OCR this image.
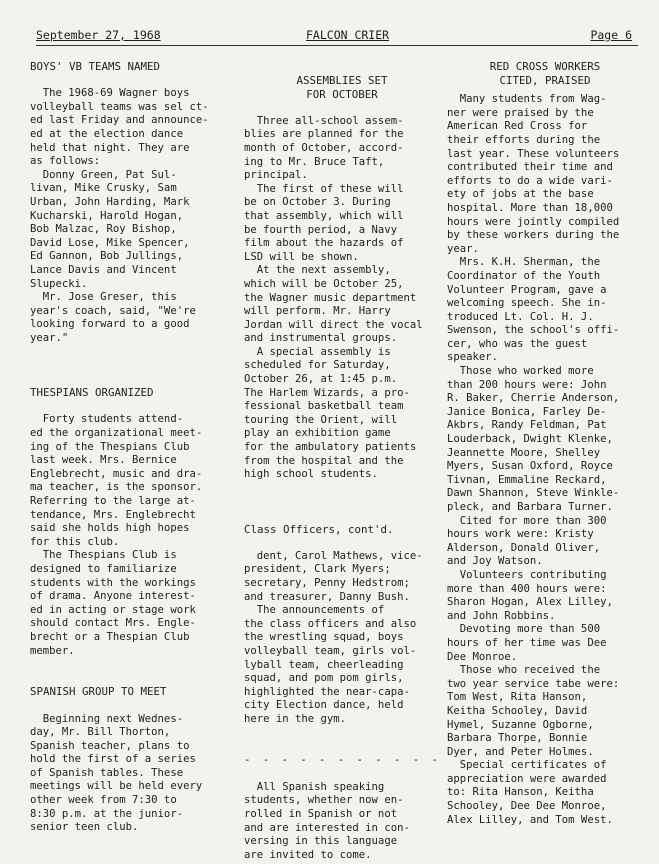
September 27, 1968	FALCON CRIER	Page 6

BOYS' VB TEAMS NAMED

The 1968-69 Wagner boys

volleyball teams was sel ct-

ed last Friday and announce-

ed at the election dance

held that night. They are

as follows:

Donny Green, Pat Sul-

livan, Mike Crusky, Sam

Urban, John Harding, Mark

Kucharski, Harold Hogan,

Bob Malzac, Roy Bishop,

David Lose, Mike Spencer,

Ed Gannon, Bob Jullings,

Lance Davis and Vincent

Slupecki.

Mr. Jose Greser, this

year's coach, said, "We're

looking forward to a good

year."

THESPIANS ORGANIZED

Forty students attend-

ed the organizational meet-

ing of the Thespians Club

last week. Mrs. Bernice

Englebrecht, music and dra-

ma teacher, is the sponsor.

Referring to the large at-

tendance, Mrs. Englebrecht

said she holds high hopes

for this club.

The Thespians Club is

designed to familiarize

students with the workings

of drama. Anyone interest-

ed in acting or stage work

should contact Mrs. Engle-

brecht or a Thespian Club

member.

SPANISH GROUP TO MEET

Beginning next Wednes-

day, Mr. Bill Thorton,

Spanish teacher, plans to

hold the first of a series

of Spanish tables. These

meetings will be held every

other week from 7:30 to

8:30 p.m. at the junior-

senior teen club.

ASSEMBLIES SET

FOR OCTOBER

Three all-school assem-

blies are planned for the

month of October, accord-

ing to Mr. Bruce Taft,

principal.

The first of these will

be on October 3. During

that assembly, which will

be fourth period, a Navy

film about the hazards of

LSD will be shown.

At the next assembly,

which will be October 25,

the Wagner music department

will perform. Mr. Harry

Jordan will direct the vocal

and instrumental groups.

A special assembly is

scheduled for Saturday,

October 26, at 1:45 p.m.

The Harlem Wizards, a pro-

fessional basketball team

touring the Orient, will

play an exhibition game

for the ambulatory patients

from the hospital and the

high school students.

Class Officers, cont'd.

dent, Carol Mathews, vice-

president, Clark Myers;

secretary, Penny Hedstrom;

and treasurer, Danny Bush.

The announcements of

the class officers and also

the wrestling squad, boys

volleyball team, girls vol-

lyball team, cheerleading

squad, and pom pom girls,

highlighted the near-capa-

city Election dance, held

here in the gym.

- - - - - - - - - - -

All Spanish speaking

students, whether now en-

rolled in Spanish or not

and are interested in con-

versing in this language

are invited to come.

RED CROSS WORKERS

CITED, PRAISED

Many students from Wag-

ner were praised by the

American Red Cross for

their efforts during the

last year. These volunteers

contributed their time and

efforts to do a wide vari-

ety of jobs at the base

hospital. More than 18,000

hours were jointly compiled

by these workers during the

year.

Mrs. K.H. Sherman, the

Coordinator of the Youth

Volunteer Program, gave a

welcoming speech. She in-

troduced Lt. Col. H. J.

Swenson, the school's offi-

cer, who was the guest

speaker.

Those who worked more

than 200 hours were: John

R. Baker, Cherrie Anderson,

Janice Bonica, Farley De-

Akbrs, Randy Feldman, Pat

Louderback, Dwight Klenke,

Jeannette Moore, Shelley

Myers, Susan Oxford, Royce

Tivnan, Emmaline Reckard,

Dawn Shannon, Steve Winkle-

pleck, and Barbara Turner.

Cited for more than 300

hours work were: Kristy

Alderson, Donald Oliver,

and Joy Watson.

Volunteers contributing

more than 400 hours were:

Sharon Hogan, Alex Lilley,

and John Robbins.

Devoting more than 500

hours of her time was Dee

Dee Monroe.

Those who received the

two year service tabe were:

Tom West, Rita Hanson,

Keitha Schooley, David

Hymel, Suzanne Ogborne,

Barbara Thorpe, Bonnie

Dyer, and Peter Holmes.

Special certificates of

appreciation were awarded

to: Rita Hanson, Keitha

Schooley, Dee Dee Monroe,

Alex Lilley, and Tom West.
